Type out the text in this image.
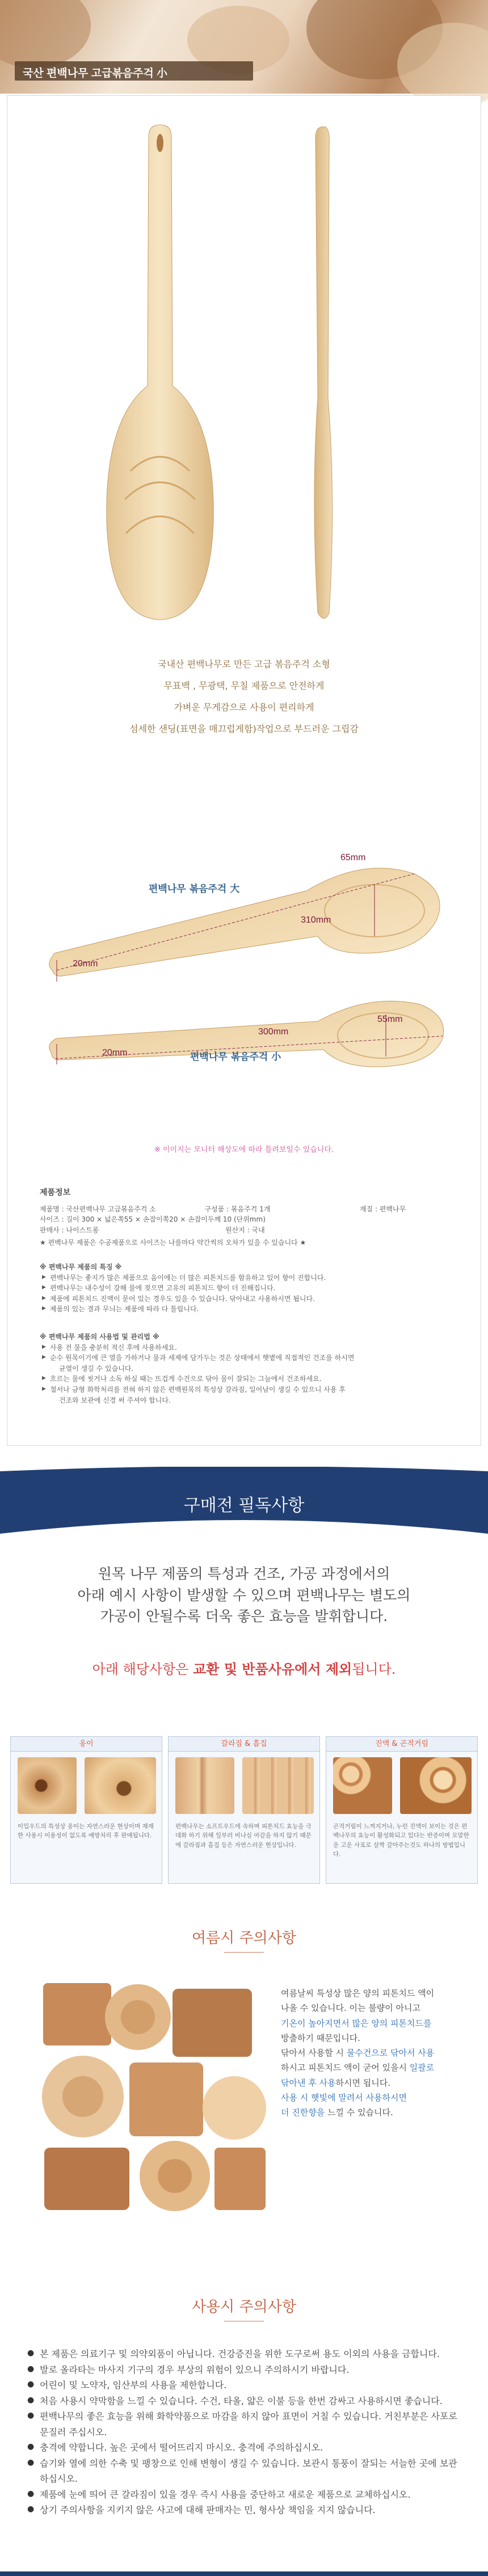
국산 편백나무 고급볶음주걱 小
국내산 편백나무로 만든 고급 볶음주걱 소형
무표백 , 무광택, 무칠 제품으로 안전하게
가벼운 무게감으로 사용이 편리하게
섬세한 샌딩(표면을 매끄럽게함)작업으로 부드러운 그립감
65mm
310mm
20mm
편백나무 볶음주걱 大
55mm
300mm
20mm	편백나무 볶음주걱 小
※ 이미지는 모니터 해상도에 따라 틀려보일수 있습니다.
제품정보
제품명 : 국산편백나무 고급볶음주걱 소	구성품 : 볶음주걱 1개	재질 : 편백나무
사이즈 : 길이 300 × 넓은쪽55 × 손잡이쪽20 × 손잡이두께 10 (단위mm)
판매사 : 나이스트롱	원산지 : 국내
★ 편백나무 제품은 수공제품으로 사이즈는 나를마다 약간씩의 오차가 있을 수 있습니다 ★
※ 편백나무 제품의 특징 ※
▶ 편백나무는 좋지가 많은 제품으로 음이에는 더 많은 피톤치드를 함유하고 있어 향이 진합니다.
▶ 편백나무는 내수성이 강해 물에 젖으면 고유의 피톤치드 향이 더 진해집니다.
▶ 제품에 피톤치드 진액이 묻어 있는 경우도 있을 수 있습니다. 닦아내고 사용하시면 됩니다.
▶ 제품의 있는 결과 무늬는 제품에 따라 다 틀립니다.
※ 편백나무 제품의 사용법 및 관리법 ※
▶ 사용 전 물을 충분히 적신 후에 사용하세요.
▶ 순수 원목이기에 큰 열을 가하거나 물과 세제에 담가두는 것은 상태에서 햇볕에 직접적인 건조를 하시면
균열이 생길 수 있습니다.
▶ 흐르는 물에 씻거나 소독 하실 때는 뜨겁게 수건으로 닦아 물이 잘되는 그늘에서 건조하세요.
▶ 철서나 금형 화학처리를 전혀 하지 않은 편백원목의 특성상 갈라짐, 일어남이 생길 수 있으니 사용 후
건조와 보관에 신경 써 주셔야 합니다.
구매전 필독사항
원목 나무 제품의 특성과 건조, 가공 과정에서의
아래 예시 사항이 발생할 수 있으며 편백나무는 별도의
가공이 안될수록 더욱 좋은 효능을 발휘합니다.
아래 해당사항은 교환 및 반품사유에서 제외됩니다.
옹이
이입우드의 특성상 옹이는 자연스러운 현상이며 재재한 사용시 이용성이 없도록 예방처리 후 판매됩니다.
갈라짐 & 흠집
편백나무는 소프트우드에 속하며 피톤치드 효능을 극대화 하기 위해 일부러 비나심 마감을 하지 않기 때문에 갈라짐과 흠집 등은 자연스러운 현상입니다.
진액 & 곤적거림
곤적거림이 느껴지거나, 누런 진액이 보이는 것은 편백나무의 효능이 활성화되고 있다는 반증이며 모맘한운 고운 사포로 살짝 갈아주는것도 하나의 방법입니다.
여름시 주의사항
여름날씨 특성상 많은 양의 피톤치드 액이
나올 수 있습니다. 이는 불량이 아니고
기온이 높아지면서 많은 양의 피톤치드를
방출하기 때문입니다.
닦아서 사용할 시 물수건으로 닦아서 사용
하시고 피톤치드 액이 굳어 있을시 일괄로
닦아낸 후 사용하시면 됩니다.
사용 시 햇빛에 말려서 사용하시면
더 진한향을 느낄 수 있습니다.
사용시 주의사항
● 본 제품은 의료기구 및 의약외품이 아닙니다. 건강증진을 위한 도구로써 용도 이외의 사용을 금합니다.
● 발로 올라타는 마사지 기구의 경우 부상의 위험이 있으니 주의하시기 바랍니다.
● 어린이 및 노약자, 임산부의 사용을 제한합니다.
● 처음 사용시 약막함을 느낄 수 있습니다. 수건, 타올, 얇은 이불 등을 한번 감싸고 사용하시면 좋습니다.
● 편백나무의 좋은 효능을 위해 화학약품으로 마감을 하지 않아 표면이 거칠 수 있습니다. 거친부분은 사포로 문질러 주십시오.
● 충격에 약합니다. 높은 곳에서 떨어뜨리지 마시오. 충격에 주의하십시오.
● 습기와 열에 의한 수축 및 팽창으로 인해 변형이 생길 수 있습니다. 보관시 통풍이 잘되는 서늘한 곳에 보관하십시오.
● 제품에 눈에 띄어 큰 갈라짐이 있을 경우 즉시 사용을 중단하고 새로운 제품으로 교체하십시오.
● 상기 주의사항을 지키지 않은 사고에 대해 판매자는 민, 형사상 책임을 지지 않습니다.
